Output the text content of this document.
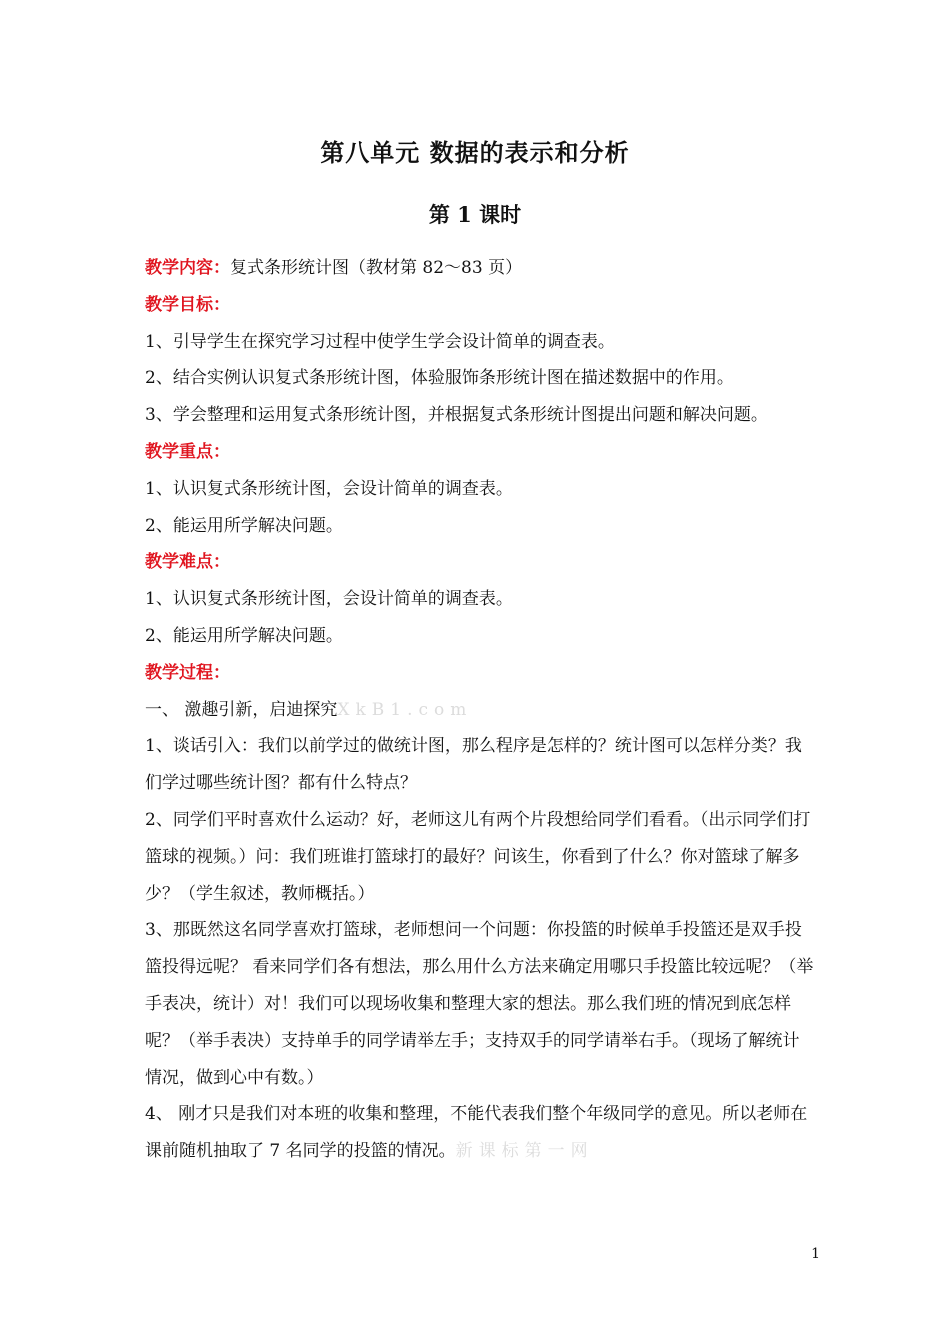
第八单元 数据的表示和分析
第 1 课时

教学内容：复式条形统计图（教材第 82～83 页）

教学目标：

1、引导学生在探究学习过程中使学生学会设计简单的调查表。

2、结合实例认识复式条形统计图，体验服饰条形统计图在描述数据中的作用。

3、学会整理和运用复式条形统计图，并根据复式条形统计图提出问题和解决问题。

教学重点：

1、认识复式条形统计图，会设计简单的调查表。

2、能运用所学解决问题。

教学难点：

1、认识复式条形统计图，会设计简单的调查表。

2、能运用所学解决问题。

教学过程：

一、 激趣引新，启迪探究XkB1.com

1、谈话引入：我们以前学过的做统计图，那么程序是怎样的？统计图可以怎样分类？我们学过哪些统计图？都有什么特点？

2、同学们平时喜欢什么运动？好，老师这儿有两个片段想给同学们看看。（出示同学们打篮球的视频。）问：我们班谁打篮球打的最好？问该生，你看到了什么？你对篮球了解多少？（学生叙述，教师概括。）

3、那既然这名同学喜欢打篮球，老师想问一个问题：你投篮的时候单手投篮还是双手投篮投得远呢？ 看来同学们各有想法，那么用什么方法来确定用哪只手投篮比较远呢？（举手表决，统计）对！我们可以现场收集和整理大家的想法。那么我们班的情况到底怎样呢？（举手表决）支持单手的同学请举左手；支持双手的同学请举右手。（现场了解统计情况，做到心中有数。）

4、 刚才只是我们对本班的收集和整理，不能代表我们整个年级同学的意见。所以老师在课前随机抽取了 7 名同学的投篮的情况。新课标第一网

1
